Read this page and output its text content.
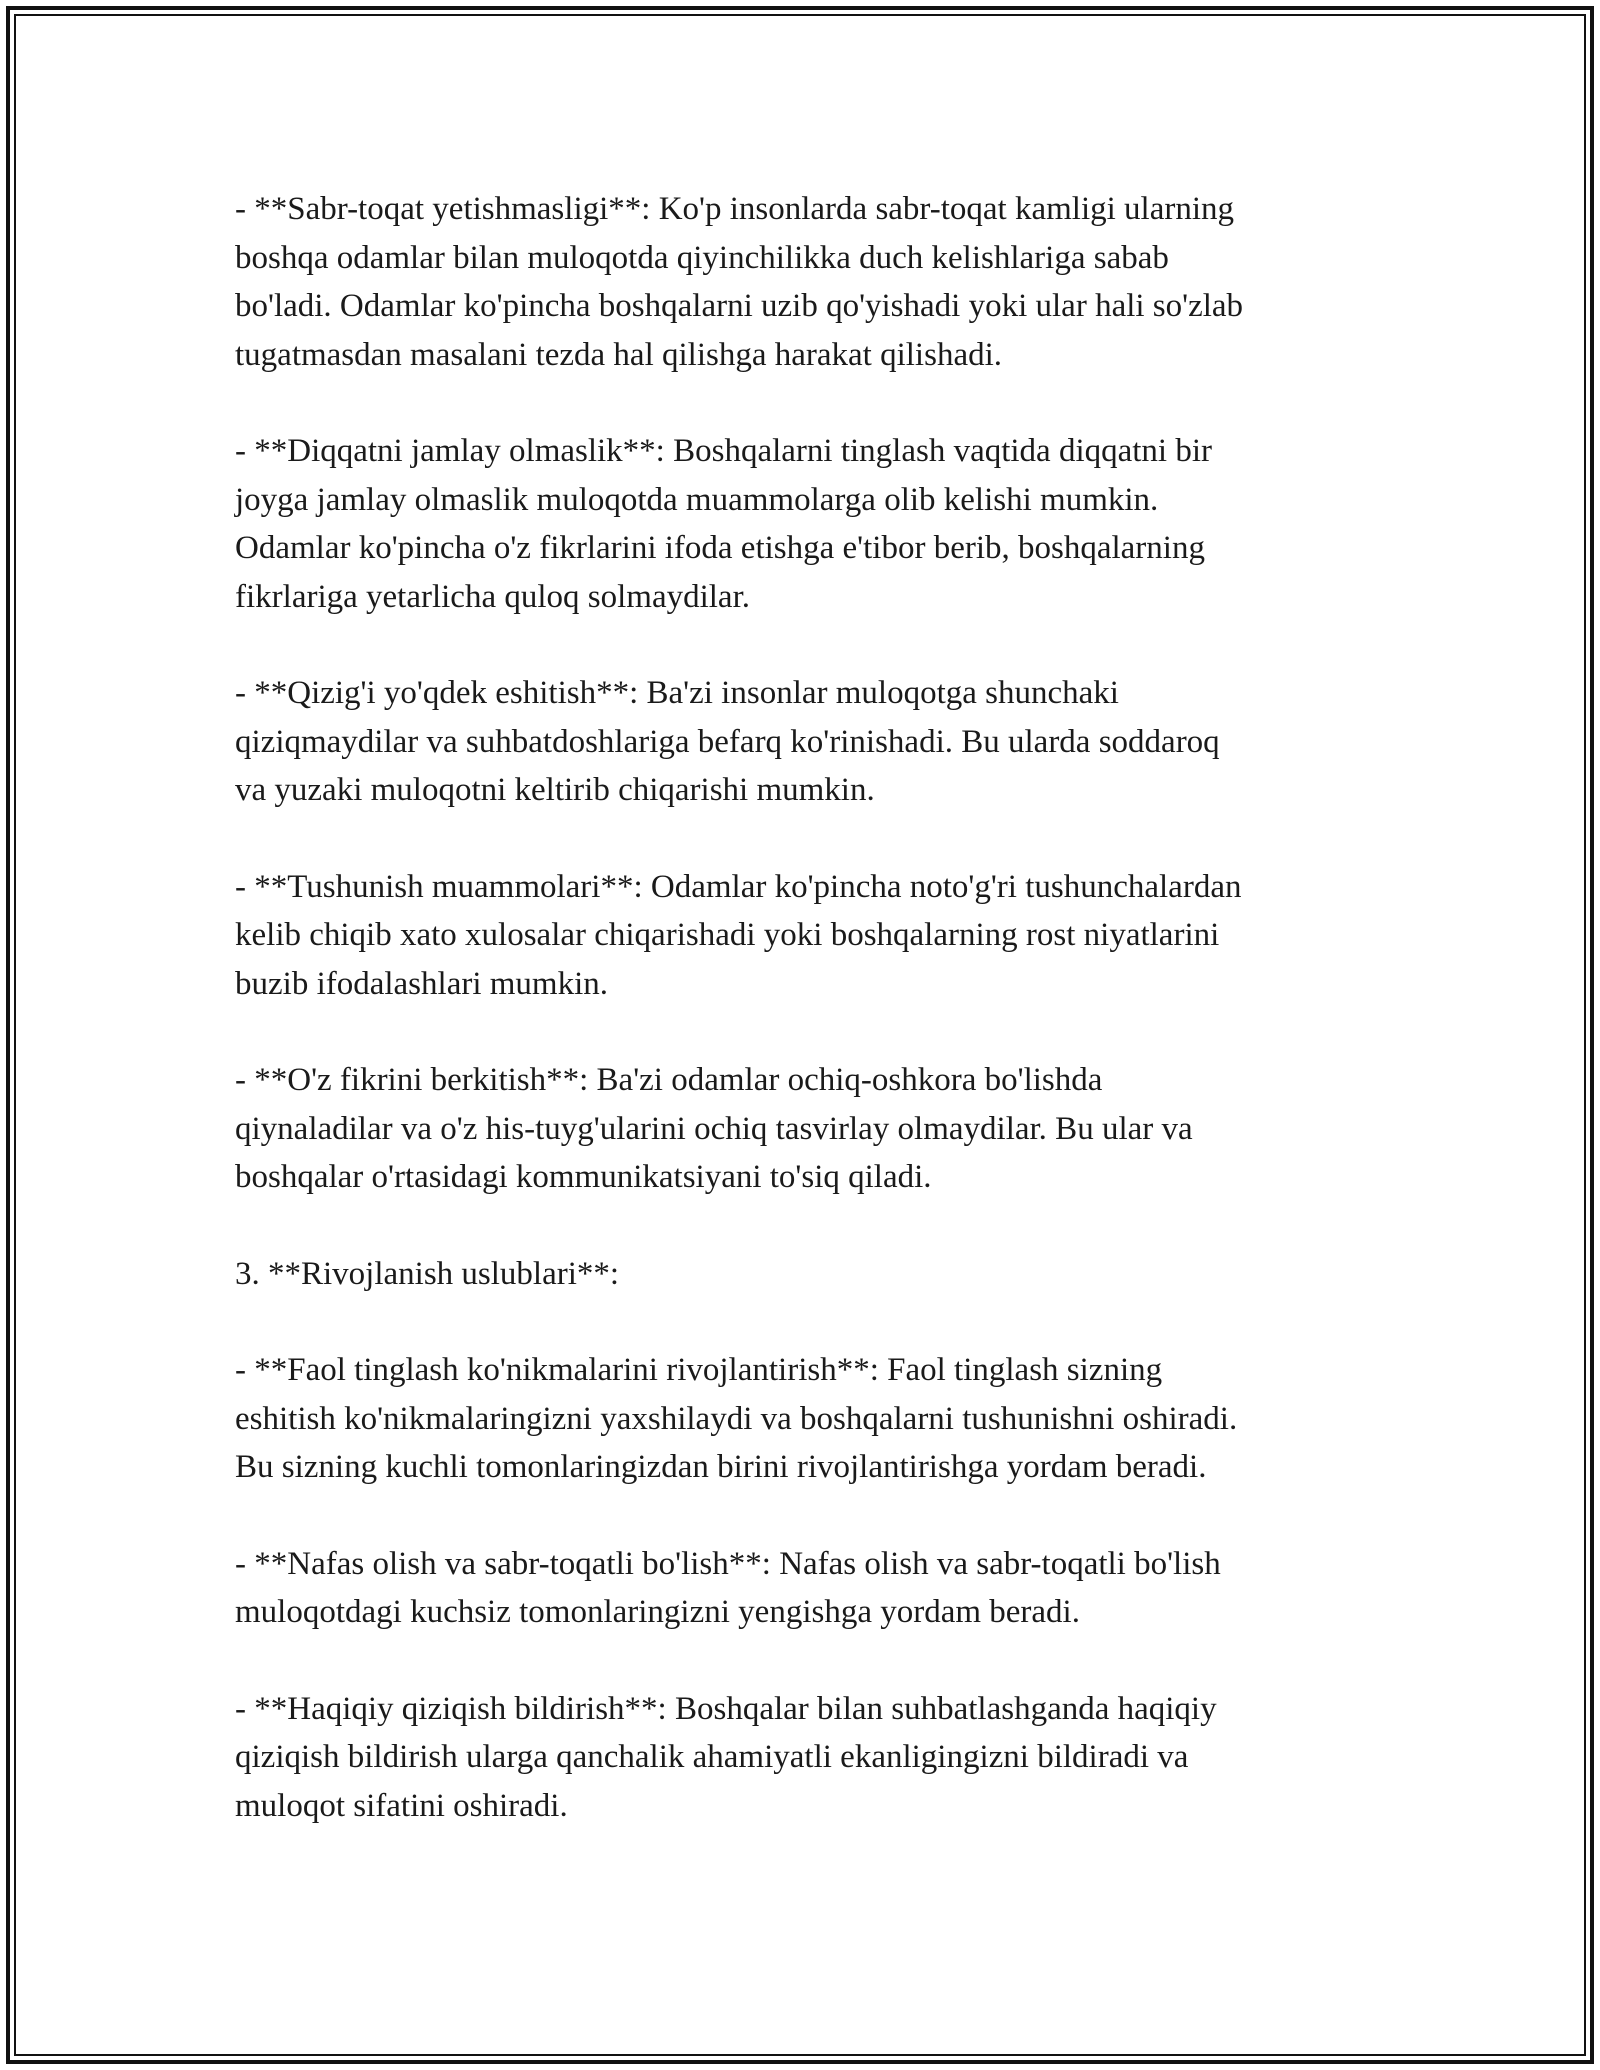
- **Sabr-toqat yetishmasligi**: Ko'p insonlarda sabr-toqat kamligi ularning
boshqa odamlar bilan muloqotda qiyinchilikka duch kelishlariga sabab
bo'ladi. Odamlar ko'pincha boshqalarni uzib qo'yishadi yoki ular hali so'zlab
tugatmasdan masalani tezda hal qilishga harakat qilishadi.

- **Diqqatni jamlay olmaslik**: Boshqalarni tinglash vaqtida diqqatni bir
joyga jamlay olmaslik muloqotda muammolarga olib kelishi mumkin.
Odamlar ko'pincha o'z fikrlarini ifoda etishga e'tibor berib, boshqalarning
fikrlariga yetarlicha quloq solmaydilar.

- **Qizig'i yo'qdek eshitish**: Ba'zi insonlar muloqotga shunchaki
qiziqmaydilar va suhbatdoshlariga befarq ko'rinishadi. Bu ularda soddaroq
va yuzaki muloqotni keltirib chiqarishi mumkin.

- **Tushunish muammolari**: Odamlar ko'pincha noto'g'ri tushunchalardan
kelib chiqib xato xulosalar chiqarishadi yoki boshqalarning rost niyatlarini
buzib ifodalashlari mumkin.

- **O'z fikrini berkitish**: Ba'zi odamlar ochiq-oshkora bo'lishda
qiynaladilar va o'z his-tuyg'ularini ochiq tasvirlay olmaydilar. Bu ular va
boshqalar o'rtasidagi kommunikatsiyani to'siq qiladi.

3. **Rivojlanish uslublari**:

- **Faol tinglash ko'nikmalarini rivojlantirish**: Faol tinglash sizning
eshitish ko'nikmalaringizni yaxshilaydi va boshqalarni tushunishni oshiradi.
Bu sizning kuchli tomonlaringizdan birini rivojlantirishga yordam beradi.

- **Nafas olish va sabr-toqatli bo'lish**: Nafas olish va sabr-toqatli bo'lish
muloqotdagi kuchsiz tomonlaringizni yengishga yordam beradi.

- **Haqiqiy qiziqish bildirish**: Boshqalar bilan suhbatlashganda haqiqiy
qiziqish bildirish ularga qanchalik ahamiyatli ekanligingizni bildiradi va
muloqot sifatini oshiradi.
